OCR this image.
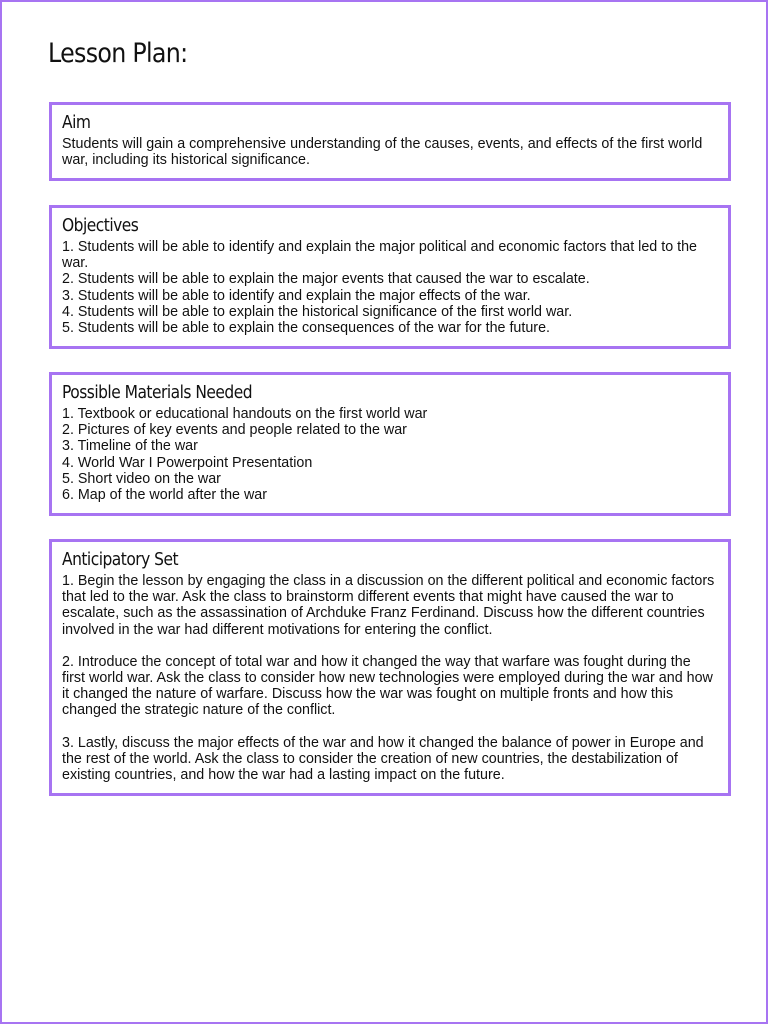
Lesson Plan:
Aim
Students will gain a comprehensive understanding of the causes, events, and effects of the first world war, including its historical significance.
Objectives
1. Students will be able to identify and explain the major political and economic factors that led to the war.
2. Students will be able to explain the major events that caused the war to escalate.
3. Students will be able to identify and explain the major effects of the war.
4. Students will be able to explain the historical significance of the first world war.
5. Students will be able to explain the consequences of the war for the future.
Possible Materials Needed
1. Textbook or educational handouts on the first world war
2. Pictures of key events and people related to the war
3. Timeline of the war
4. World War I Powerpoint Presentation
5. Short video on the war
6. Map of the world after the war
Anticipatory Set

1. Begin the lesson by engaging the class in a discussion on the different political and economic factors that led to the war. Ask the class to brainstorm different events that might have caused the war to escalate, such as the assassination of Archduke Franz Ferdinand. Discuss how the different countries involved in the war had different motivations for entering the conflict.

2. Introduce the concept of total war and how it changed the way that warfare was fought during the first world war. Ask the class to consider how new technologies were employed during the war and how it changed the nature of warfare. Discuss how the war was fought on multiple fronts and how this changed the strategic nature of the conflict.

3. Lastly, discuss the major effects of the war and how it changed the balance of power in Europe and the rest of the world. Ask the class to consider the creation of new countries, the destabilization of existing countries, and how the war had a lasting impact on the future.
